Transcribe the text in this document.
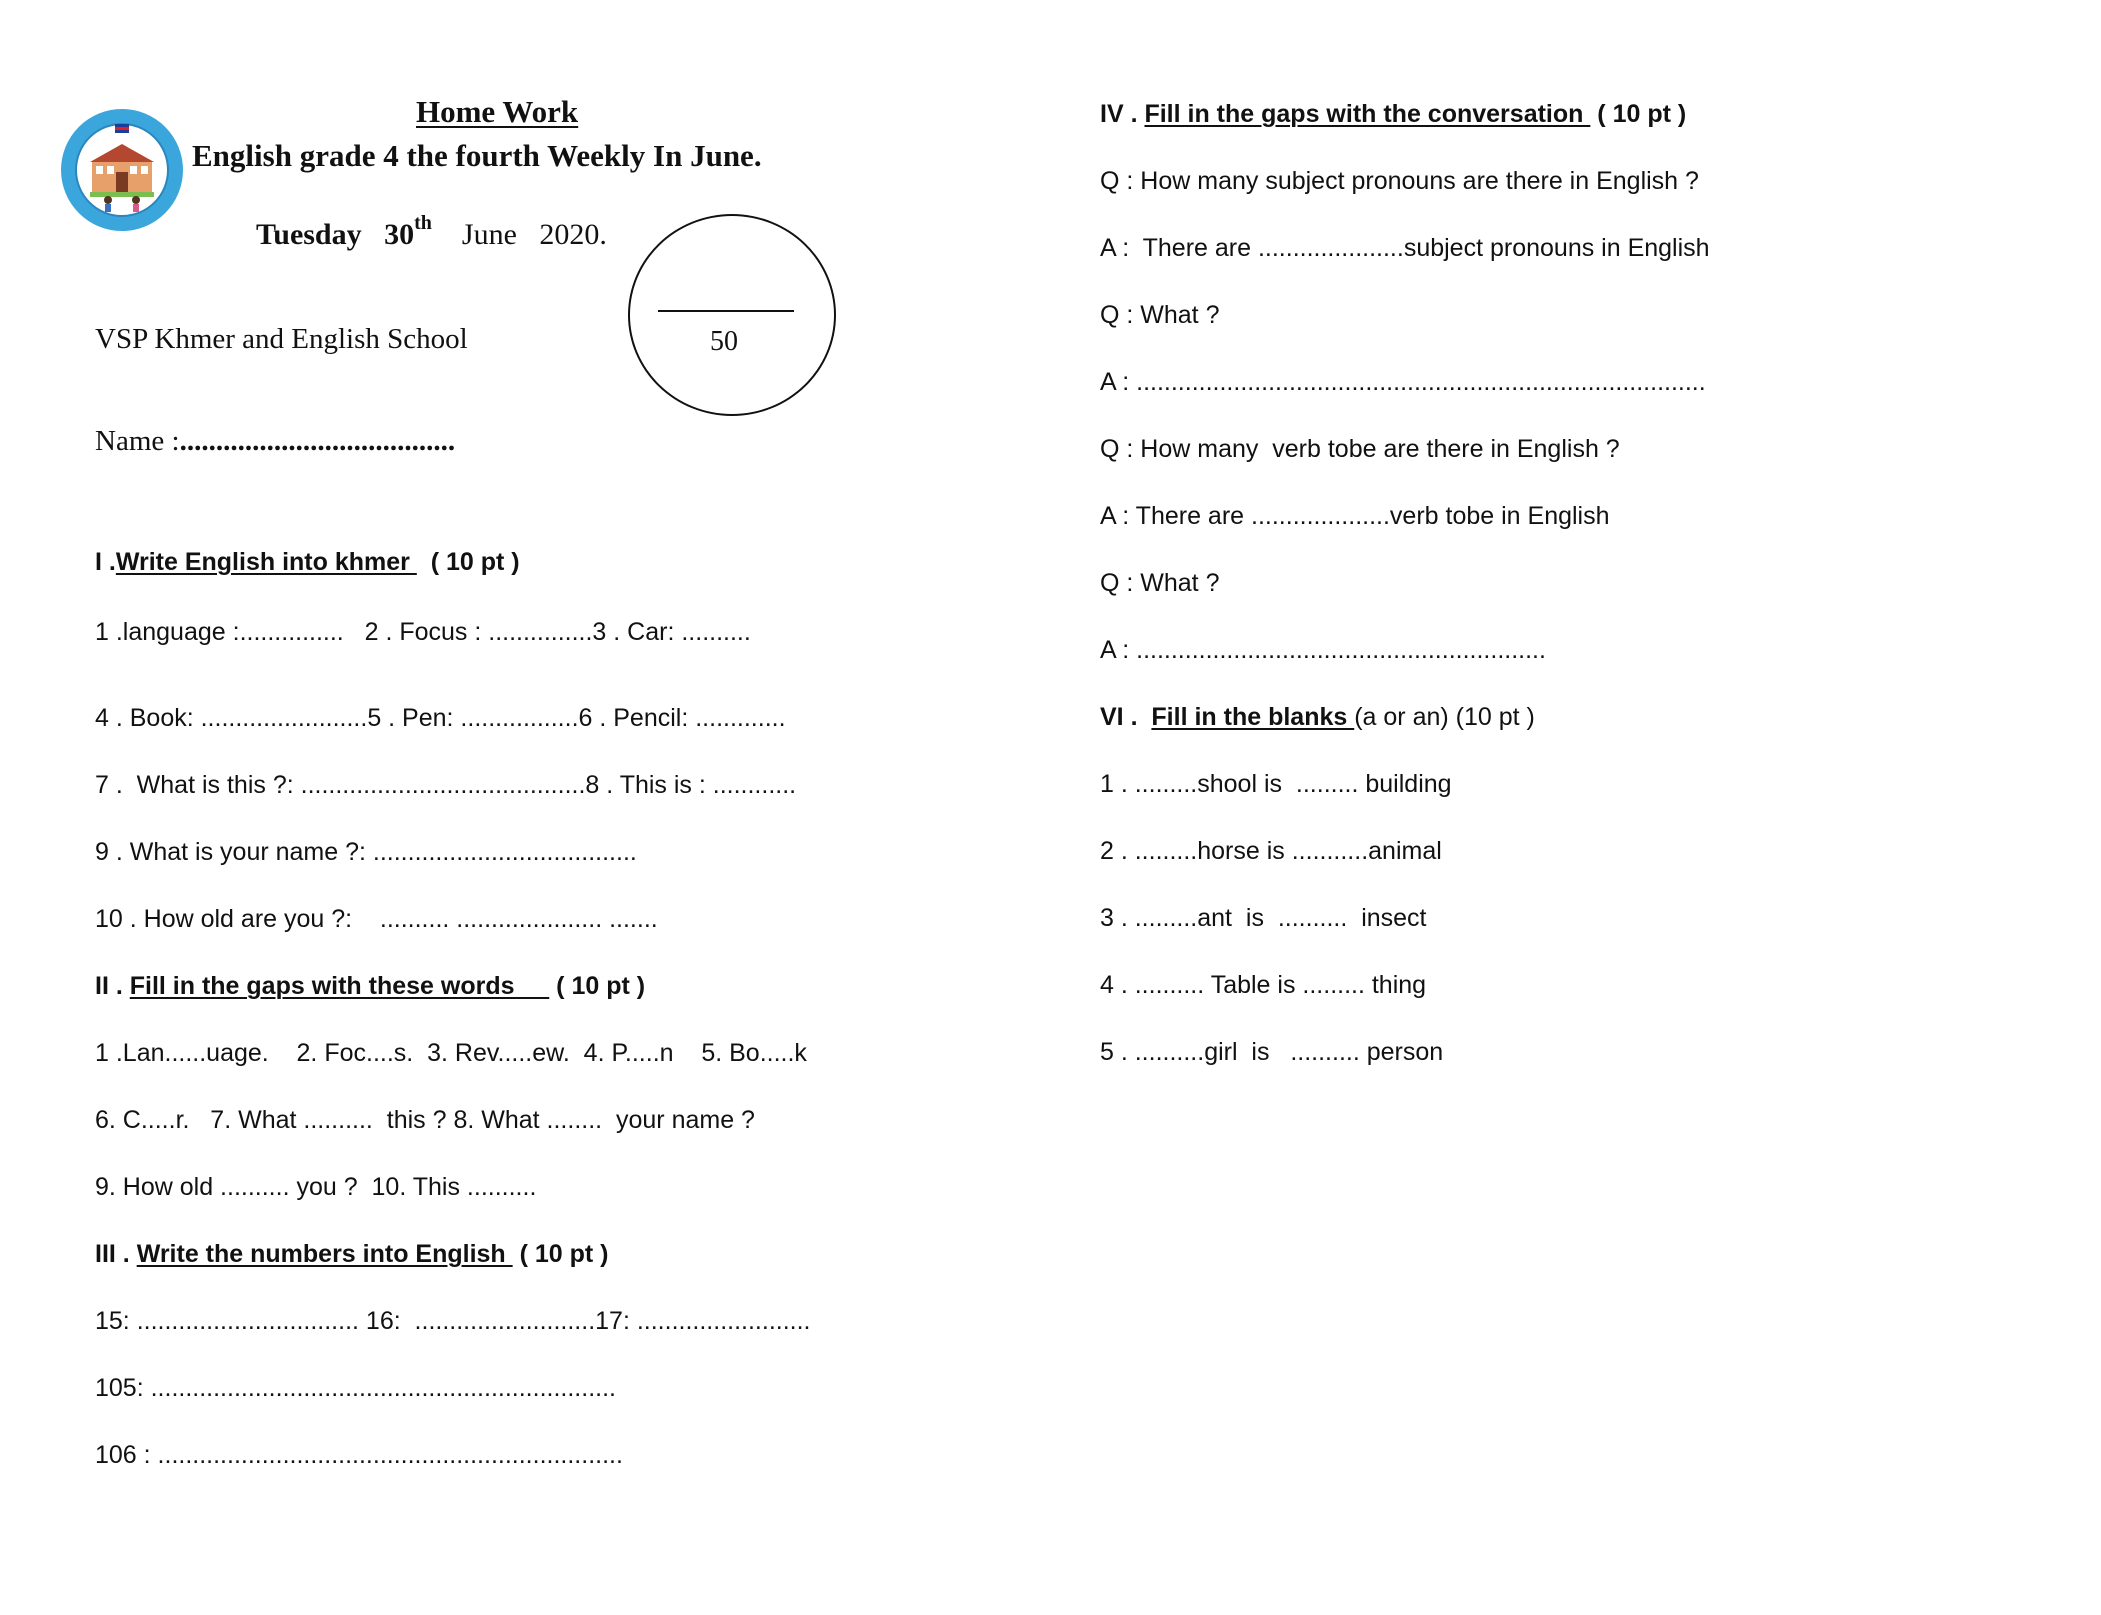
Home Work
English grade 4 the fourth Weekly In June.
Tuesday 30th June   2020.
VSP Khmer and English School	50
Name :......................................
I .Write English into khmer   ( 10 pt )
1 .language :...............   2 . Focus : ...............3 . Car: ..........
4 . Book: ........................5 . Pen: .................6 . Pencil: .............
7 .  What is this ?: .........................................8 . This is : ............
9 . What is your name ?: ......................................
10 . How old are you ?:    .......... ..................... .......
II . Fill in the gaps with these words      ( 10 pt )
1 .Lan......uage.    2. Foc....s.  3. Rev.....ew.  4. P.....n    5. Bo.....k
6. C.....r.   7. What ..........  this ? 8. What ........  your name ?
9. How old .......... you ?  10. This ..........
III . Write the numbers into English  ( 10 pt )
15: ................................ 16:  ..........................17: .........................
105: ...................................................................
106 : ...................................................................
IV . Fill in the gaps with the conversation  ( 10 pt )
Q : How many subject pronouns are there in English ?
A :  There are .....................subject pronouns in English
Q : What ?
A : ..................................................................................
Q : How many  verb tobe are there in English ?
A : There are ....................verb tobe in English
Q : What ?
A : ...........................................................
VI .  Fill in the blanks (a or an) (10 pt )
1 . .........shool is  ......... building
2 . .........horse is ...........animal
3 . .........ant  is  ..........  insect
4 . .......... Table is ......... thing
5 . ..........girl  is   .......... person
